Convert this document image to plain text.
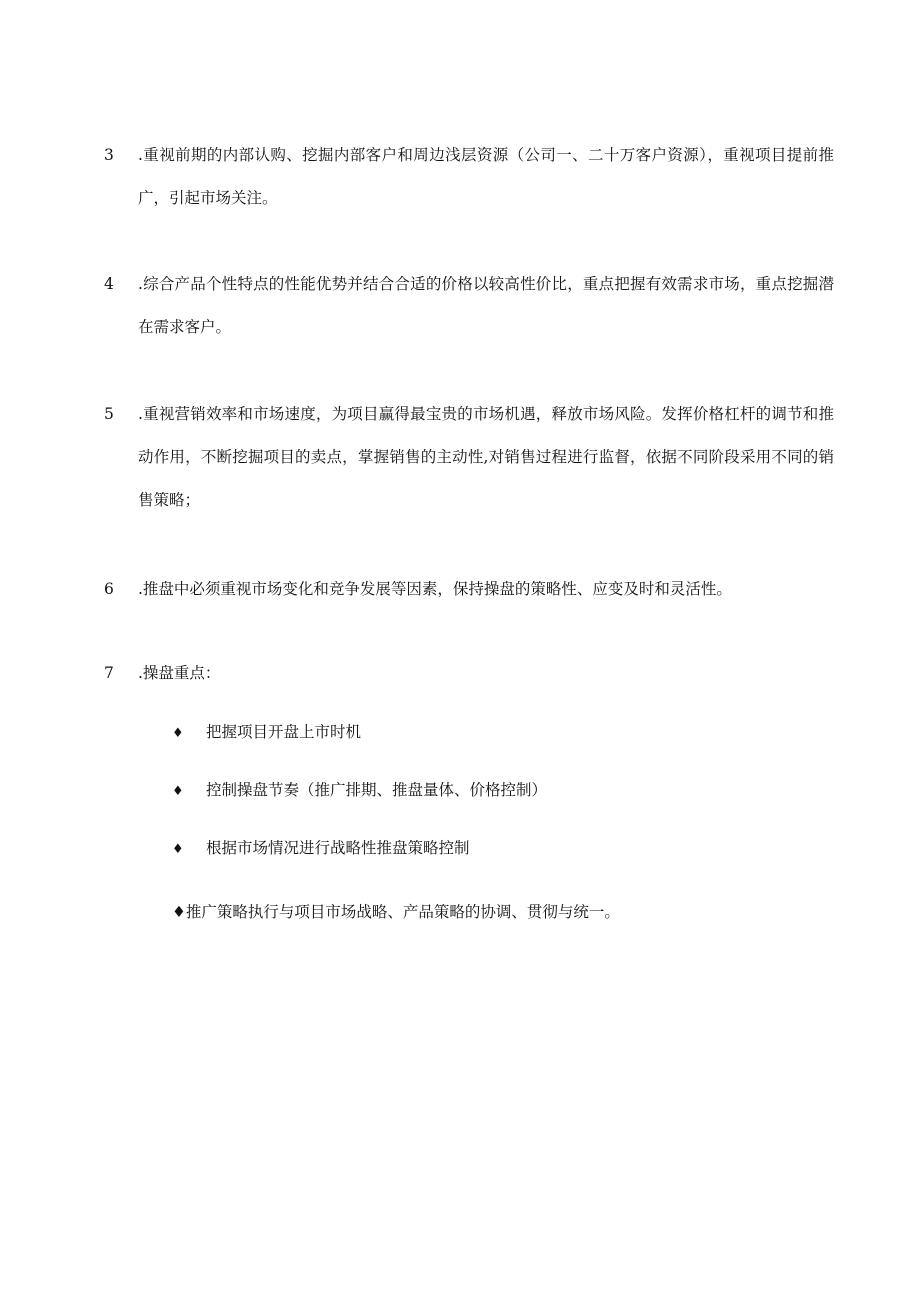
3	.重视前期的内部认购、挖掘内部客户和周边浅层资源（公司一、二十万客户资源），重视项目提前推广，引起市场关注。
4	.综合产品个性特点的性能优势并结合合适的价格以较高性价比，重点把握有效需求市场，重点挖掘潜在需求客户。
5	.重视营销效率和市场速度，为项目赢得最宝贵的市场机遇，释放市场风险。发挥价格杠杆的调节和推动作用，不断挖掘项目的卖点，掌握销售的主动性,对销售过程进行监督，依据不同阶段采用不同的销售策略；
6	.推盘中必须重视市场变化和竞争发展等因素，保持操盘的策略性、应变及时和灵活性。
7	.操盘重点：
♦ 把握项目开盘上市时机
♦ 控制操盘节奏（推广排期、推盘量体、价格控制）
♦ 根据市场情况进行战略性推盘策略控制
♦推广策略执行与项目市场战略、产品策略的协调、贯彻与统一。
